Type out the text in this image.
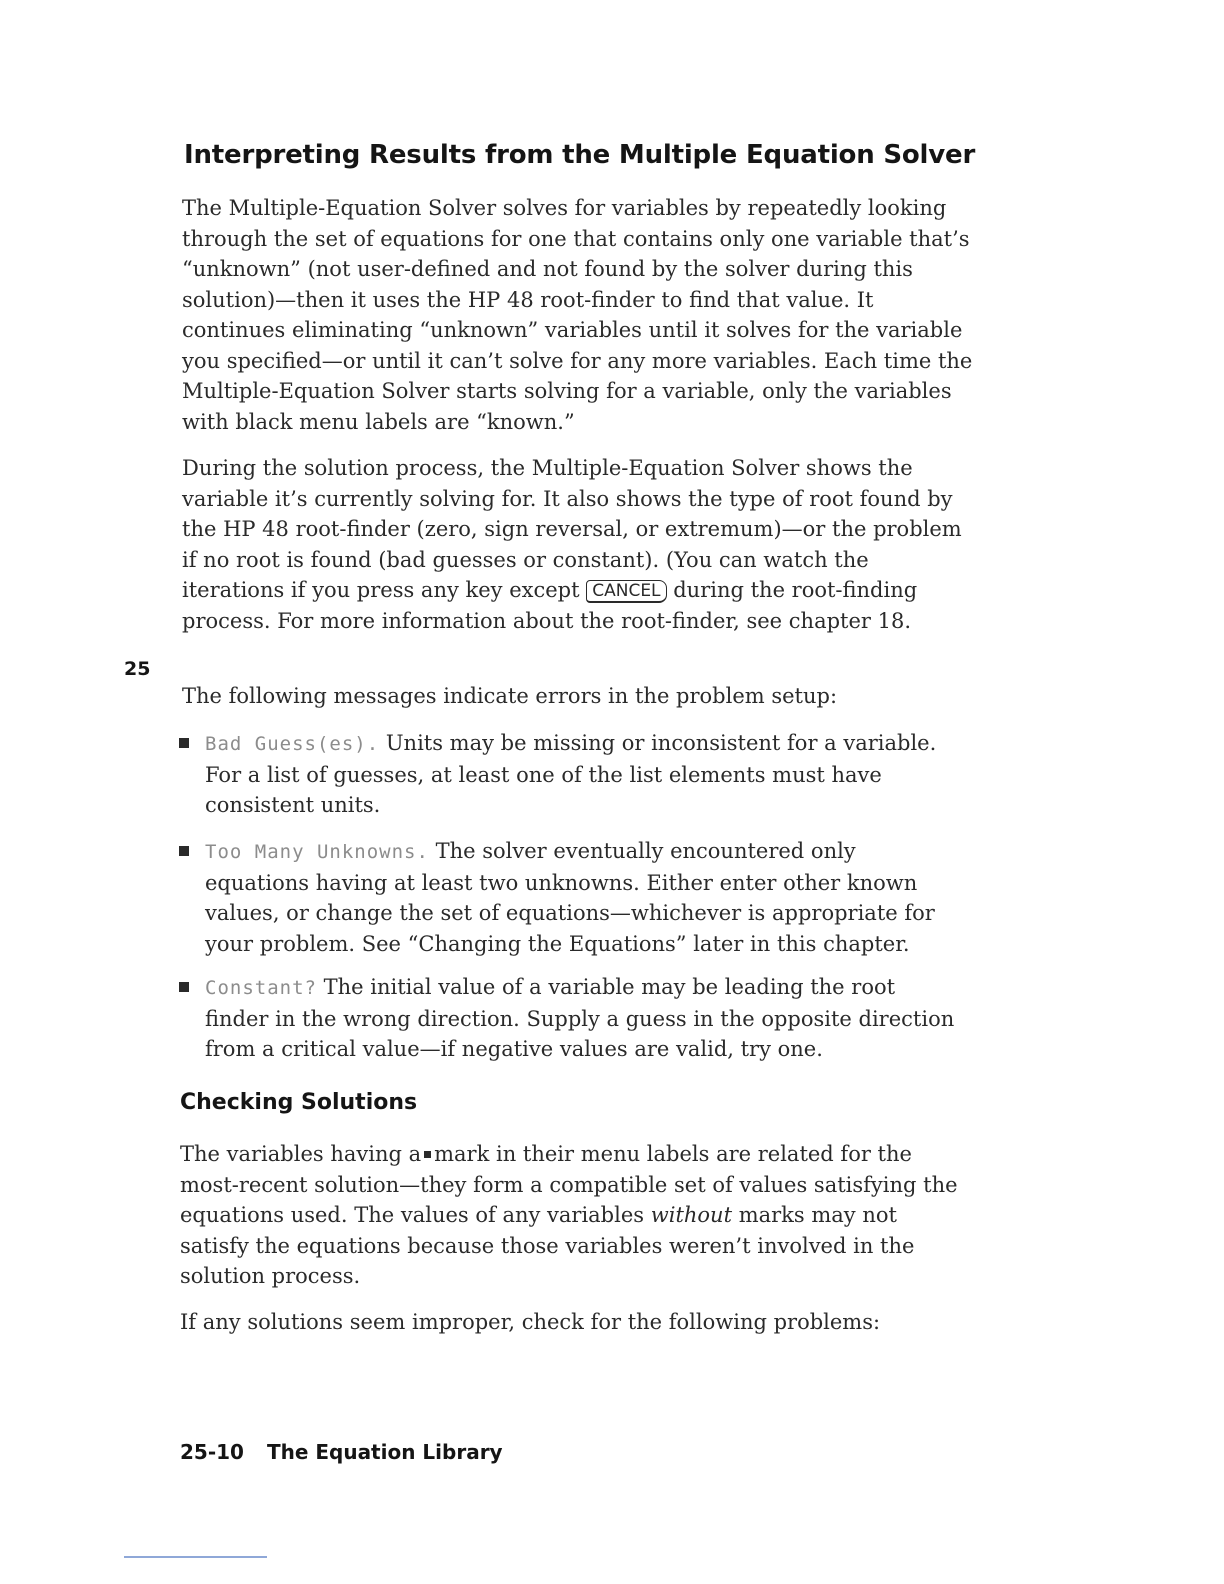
Interpreting Results from the Multiple Equation Solver

The Multiple-Equation Solver solves for variables by repeatedly looking through the set of equations for one that contains only one variable that’s “unknown” (not user-defined and not found by the solver during this solution)—then it uses the HP 48 root-finder to find that value. It continues eliminating “unknown” variables until it solves for the variable you specified—or until it can’t solve for any more variables. Each time the Multiple-Equation Solver starts solving for a variable, only the variables with black menu labels are “known.”

During the solution process, the Multiple-Equation Solver shows the variable it’s currently solving for. It also shows the type of root found by the HP 48 root-finder (zero, sign reversal, or extremum)—or the problem if no root is found (bad guesses or constant). (You can watch the iterations if you press any key except CANCEL during the root-finding process. For more information about the root-finder, see chapter 18.

25

The following messages indicate errors in the problem setup:

Bad Guess(es). Units may be missing or inconsistent for a variable. For a list of guesses, at least one of the list elements must have consistent units.
Too Many Unknowns. The solver eventually encountered only equations having at least two unknowns. Either enter other known values, or change the set of equations—whichever is appropriate for your problem. See “Changing the Equations” later in this chapter.
Constant? The initial value of a variable may be leading the root finder in the wrong direction. Supply a guess in the opposite direction from a critical value—if negative values are valid, try one.
Checking Solutions

The variables having a mark in their menu labels are related for the most-recent solution—they form a compatible set of values satisfying the equations used. The values of any variables without marks may not satisfy the equations because those variables weren’t involved in the solution process.

If any solutions seem improper, check for the following problems:

25-10 The Equation Library
